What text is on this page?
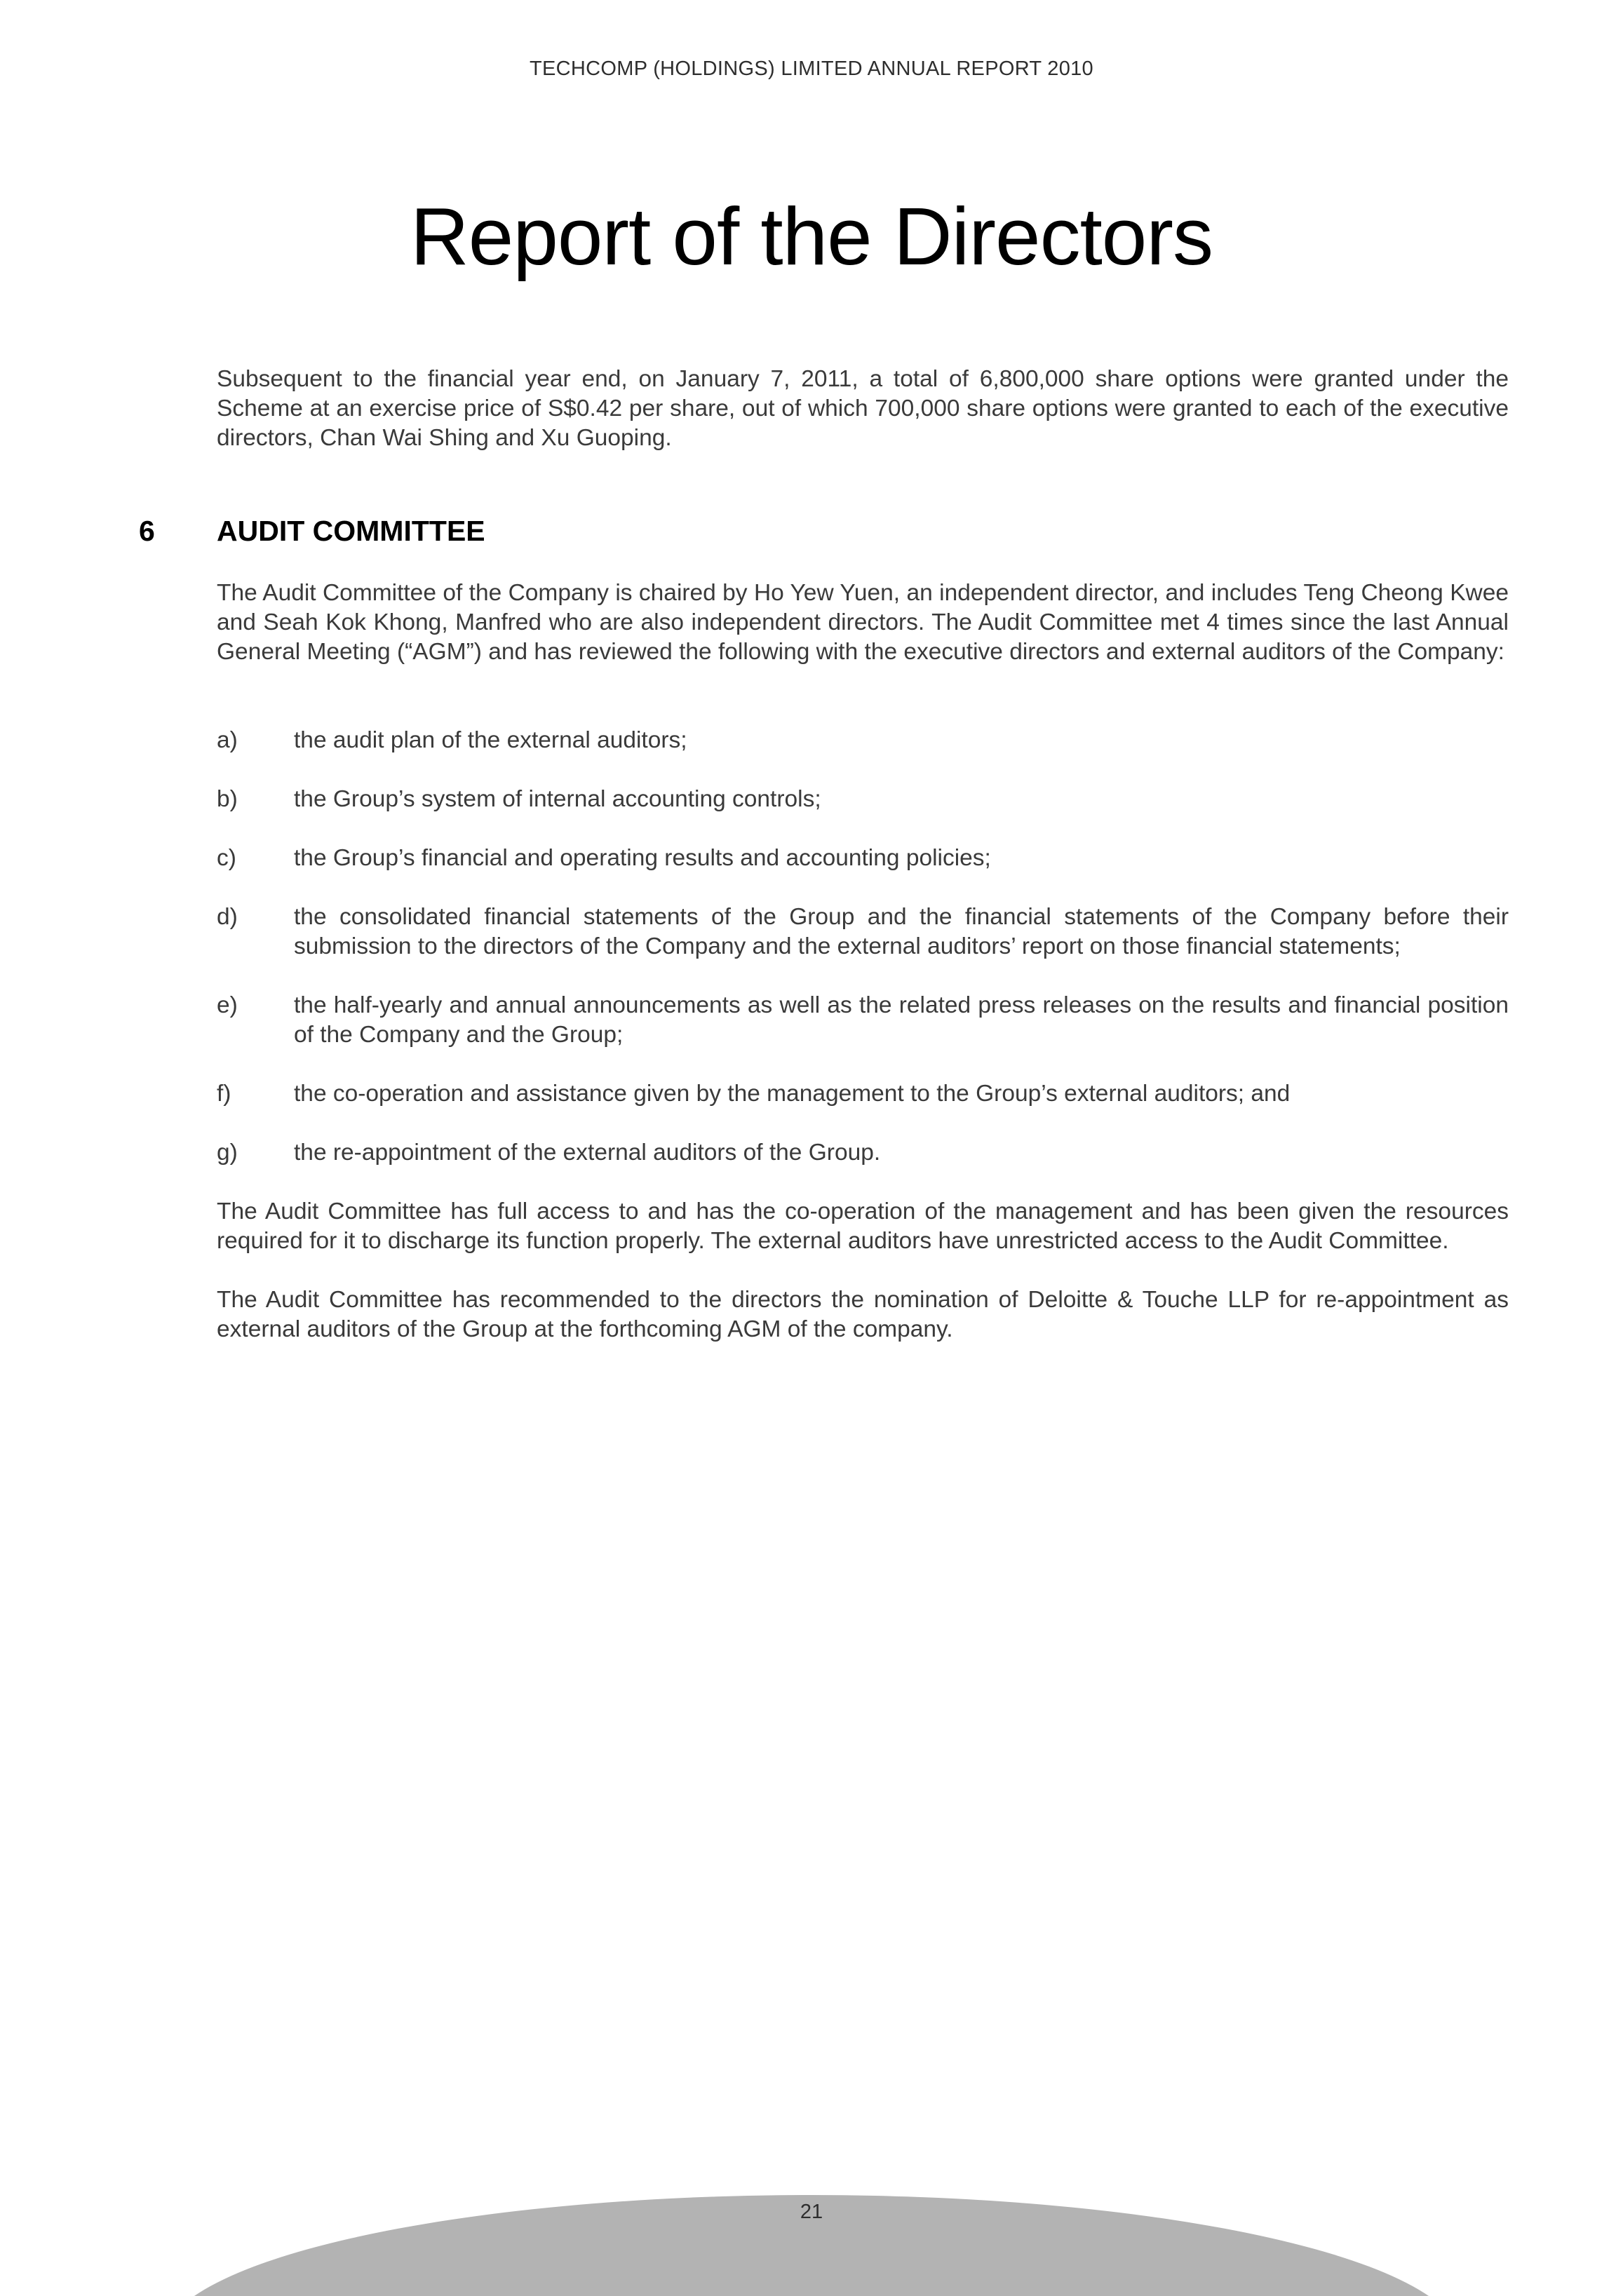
TECHCOMP (HOLDINGS) LIMITED ANNUAL REPORT 2010
Report of the Directors

Subsequent to the financial year end, on January 7, 2011, a total of 6,800,000 share options were granted under the Scheme at an exercise price of S$0.42 per share, out of which 700,000 share options were granted to each of the executive directors, Chan Wai Shing and Xu Guoping.

6 AUDIT COMMITTEE

The Audit Committee of the Company is chaired by Ho Yew Yuen, an independent director, and includes Teng Cheong Kwee and Seah Kok Khong, Manfred who are also independent directors. The Audit Committee met 4 times since the last Annual General Meeting (“AGM”) and has reviewed the following with the executive directors and external auditors of the Company:

a) the audit plan of the external auditors;
b) the Group’s system of internal accounting controls;
c) the Group’s financial and operating results and accounting policies;
d) the consolidated financial statements of the Group and the financial statements of the Company before their submission to the directors of the Company and the external auditors’ report on those financial statements;
e) the half-yearly and annual announcements as well as the related press releases on the results and financial position of the Company and the Group;
f)	the co-operation and assistance given by the management to the Group’s external auditors; and
g) the re-appointment of the external auditors of the Group.

The Audit Committee has full access to and has the co-operation of the management and has been given the resources required for it to discharge its function properly. The external auditors have unrestricted access to the Audit Committee.

The Audit Committee has recommended to the directors the nomination of Deloitte & Touche LLP for re-appointment as external auditors of the Group at the forthcoming AGM of the company.

21
